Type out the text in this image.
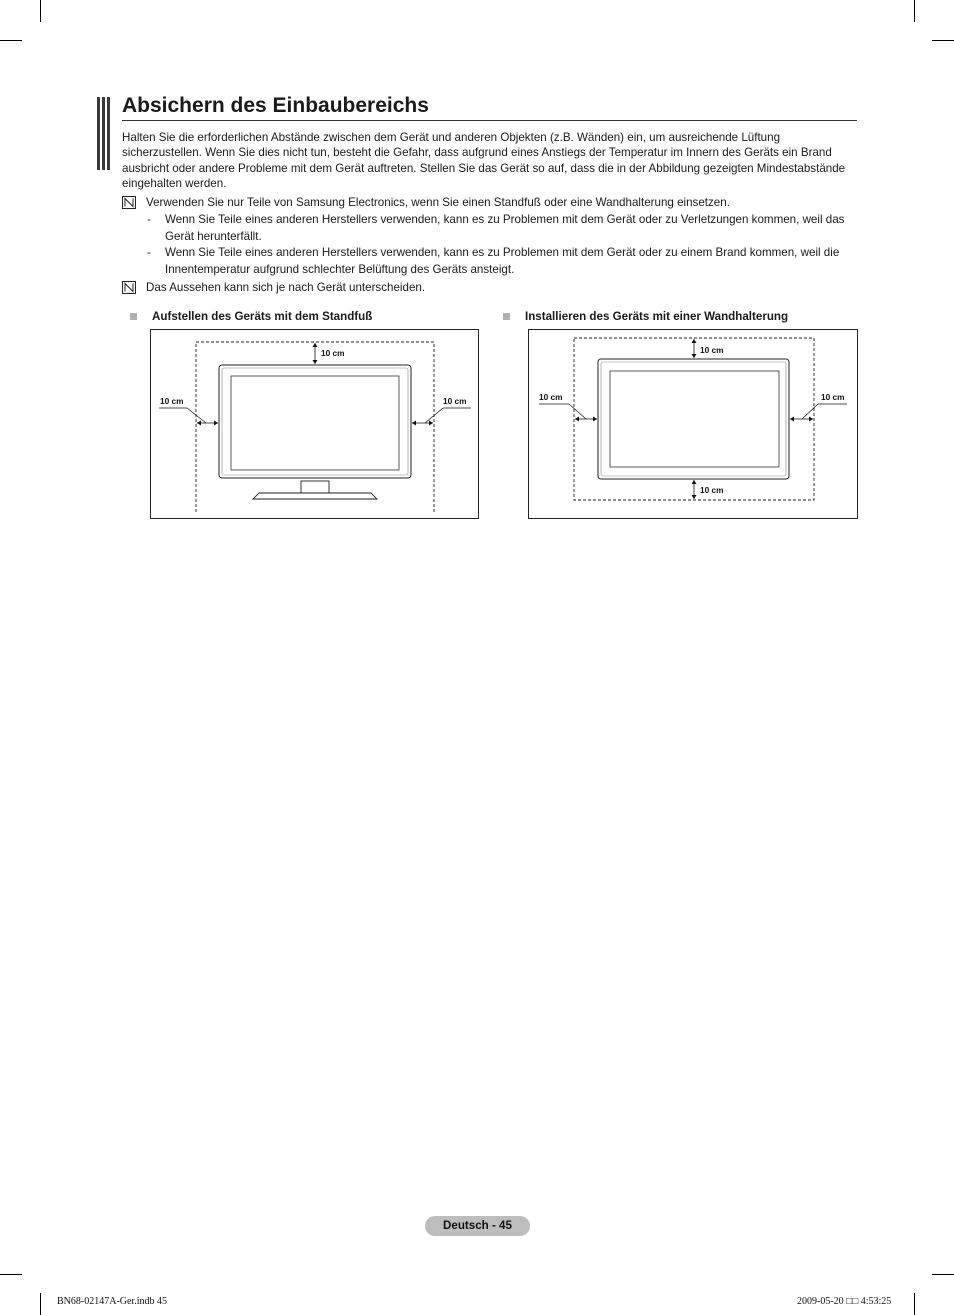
Absichern des Einbaubereichs
Halten Sie die erforderlichen Abstände zwischen dem Gerät und anderen Objekten (z.B. Wänden) ein, um ausreichende Lüftung sicherzustellen. Wenn Sie dies nicht tun, besteht die Gefahr, dass aufgrund eines Anstiegs der Temperatur im Innern des Geräts ein Brand ausbricht oder andere Probleme mit dem Gerät auftreten. Stellen Sie das Gerät so auf, dass die in der Abbildung gezeigten Mindestabstände eingehalten werden.
Verwenden Sie nur Teile von Samsung Electronics, wenn Sie einen Standfuß oder eine Wandhalterung einsetzen.
- Wenn Sie Teile eines anderen Herstellers verwenden, kann es zu Problemen mit dem Gerät oder zu Verletzungen kommen, weil das Gerät herunterfällt.
- Wenn Sie Teile eines anderen Herstellers verwenden, kann es zu Problemen mit dem Gerät oder zu einem Brand kommen, weil die Innentemperatur aufgrund schlechter Belüftung des Geräts ansteigt.
Das Aussehen kann sich je nach Gerät unterscheiden.
Aufstellen des Geräts mit dem Standfuß	Installieren des Geräts mit einer Wandhalterung
10 cm
10 cm	10 cm
10 cm
10 cm
10 cm	10 cm
Deutsch - 45
BN68-02147A-Ger.indb 45	2009-05-20 □□ 4:53:25
